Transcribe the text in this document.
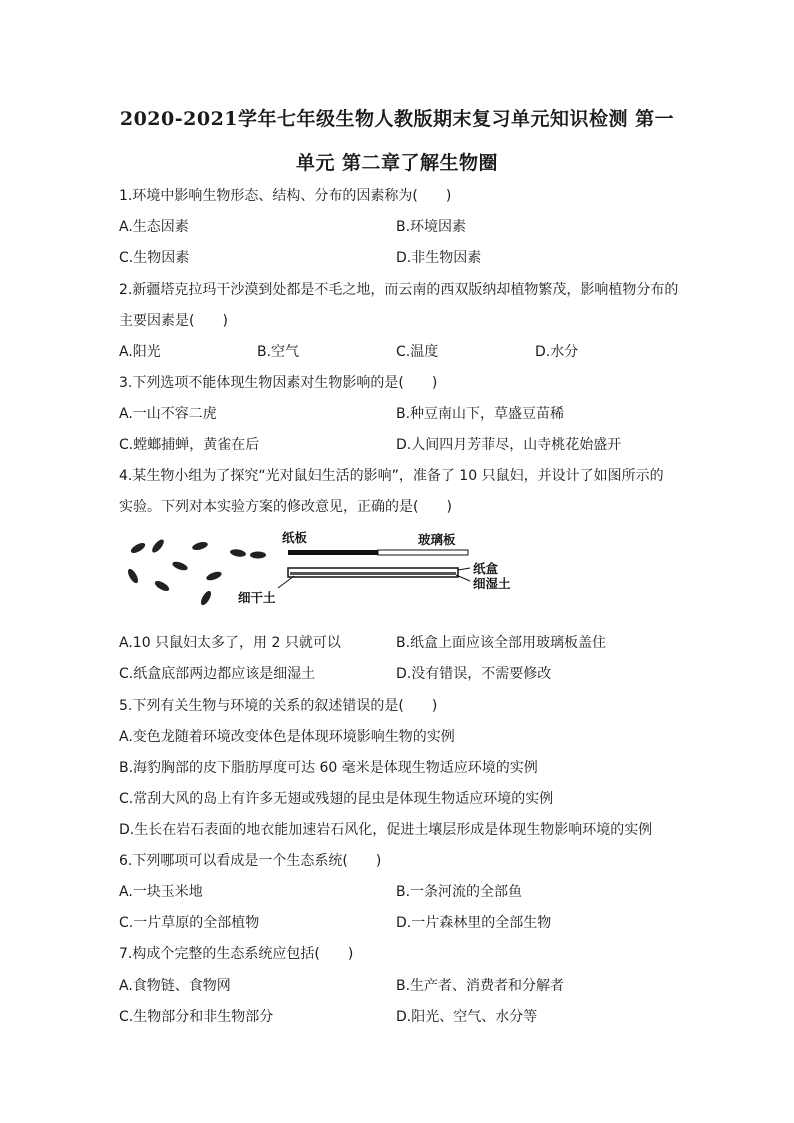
2020-2021学年七年级生物人教版期末复习单元知识检测 第一
单元 第二章了解生物圈
1.环境中影响生物形态、结构、分布的因素称为(　　)
A.生态因素	B.环境因素
C.生物因素	D.非生物因素
2.新疆塔克拉玛干沙漠到处都是不毛之地，而云南的西双版纳却植物繁茂，影响植物分布的
主要因素是(　　)
A.阳光	B.空气	C.温度	D.水分
3.下列选项不能体现生物因素对生物影响的是(　　)
A.一山不容二虎	B.种豆南山下，草盛豆苗稀
C.螳螂捕蝉，黄雀在后	D.人间四月芳菲尽，山寺桃花始盛开
4.某生物小组为了探究“光对鼠妇生活的影响”，准备了 10 只鼠妇，并设计了如图所示的
实验。下列对本实验方案的修改意见，正确的是(　　)
纸板	玻璃板
纸盒
细湿土
细干土
A.10 只鼠妇太多了，用 2 只就可以	B.纸盒上面应该全部用玻璃板盖住
C.纸盒底部两边都应该是细湿土	D.没有错误，不需要修改
5.下列有关生物与环境的关系的叙述错误的是(　　)
A.变色龙随着环境改变体色是体现环境影响生物的实例
B.海豹胸部的皮下脂肪厚度可达 60 毫米是体现生物适应环境的实例
C.常刮大风的岛上有许多无翅或残翅的昆虫是体现生物适应环境的实例
D.生长在岩石表面的地衣能加速岩石风化，促进土壤层形成是体现生物影响环境的实例
6.下列哪项可以看成是一个生态系统(　　)
A.一块玉米地	B.一条河流的全部鱼
C.一片草原的全部植物	D.一片森林里的全部生物
7.构成个完整的生态系统应包括(　　)
A.食物链、食物网	B.生产者、消费者和分解者
C.生物部分和非生物部分	D.阳光、空气、水分等
